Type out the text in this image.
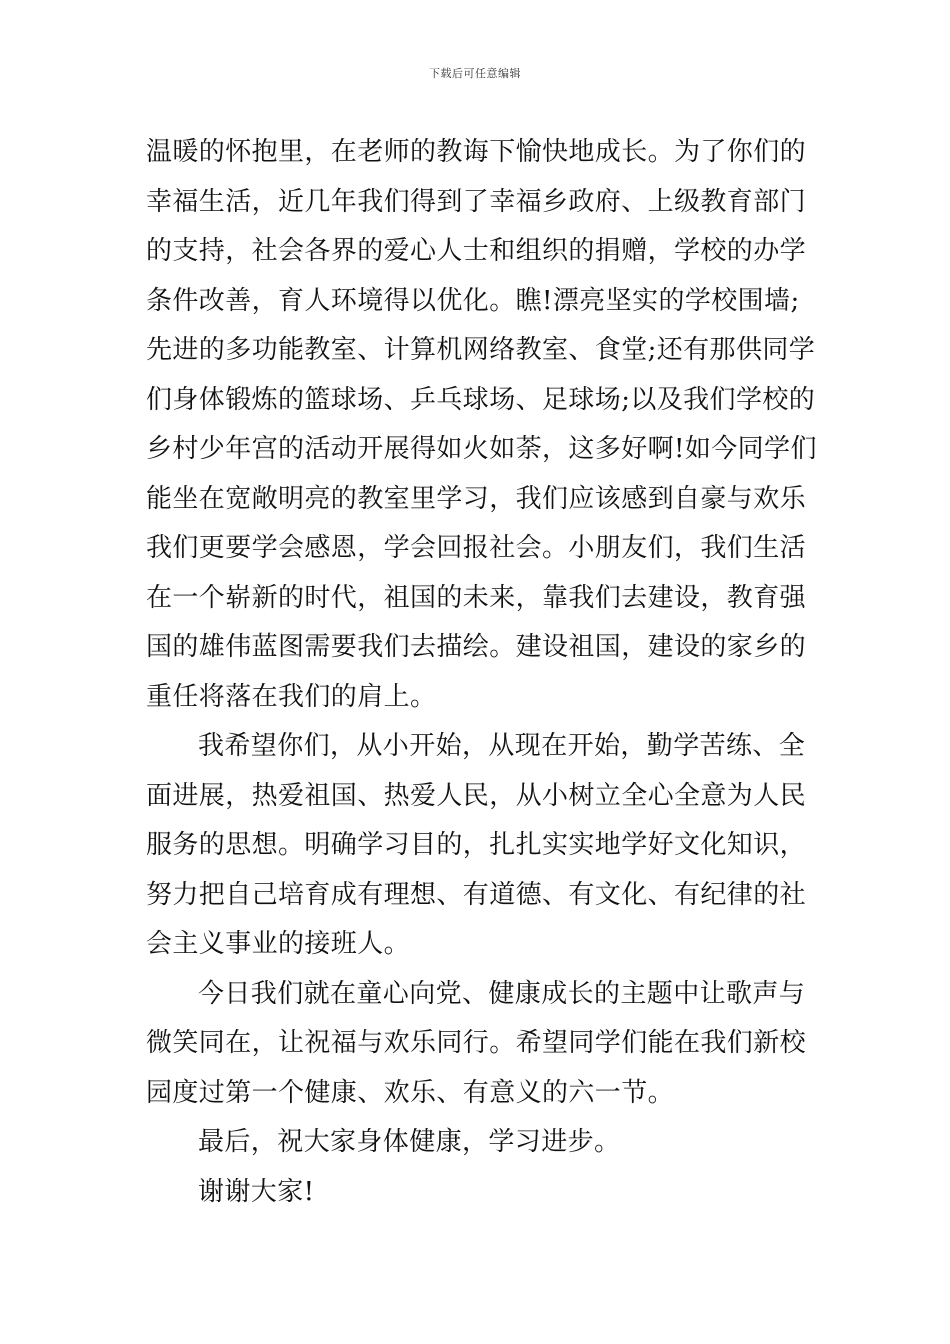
下载后可任意编辑
温暖的怀抱里，在老师的教诲下愉快地成长。为了你们的
幸福生活，近几年我们得到了幸福乡政府、上级教育部门
的支持，社会各界的爱心人士和组织的捐赠，学校的办学
条件改善，育人环境得以优化。瞧!漂亮坚实的学校围墙;
先进的多功能教室、计算机网络教室、食堂;还有那供同学
们身体锻炼的篮球场、乒乓球场、足球场;以及我们学校的
乡村少年宫的活动开展得如火如荼，这多好啊!如今同学们
能坐在宽敞明亮的教室里学习，我们应该感到自豪与欢乐
我们更要学会感恩，学会回报社会。小朋友们，我们生活
在一个崭新的时代，祖国的未来，靠我们去建设，教育强
国的雄伟蓝图需要我们去描绘。建设祖国，建设的家乡的
重任将落在我们的肩上。
我希望你们，从小开始，从现在开始，勤学苦练、全
面进展，热爱祖国、热爱人民，从小树立全心全意为人民
服务的思想。明确学习目的，扎扎实实地学好文化知识，
努力把自己培育成有理想、有道德、有文化、有纪律的社
会主义事业的接班人。
今日我们就在童心向党、健康成长的主题中让歌声与
微笑同在，让祝福与欢乐同行。希望同学们能在我们新校
园度过第一个健康、欢乐、有意义的六一节。
最后，祝大家身体健康，学习进步。
谢谢大家!
